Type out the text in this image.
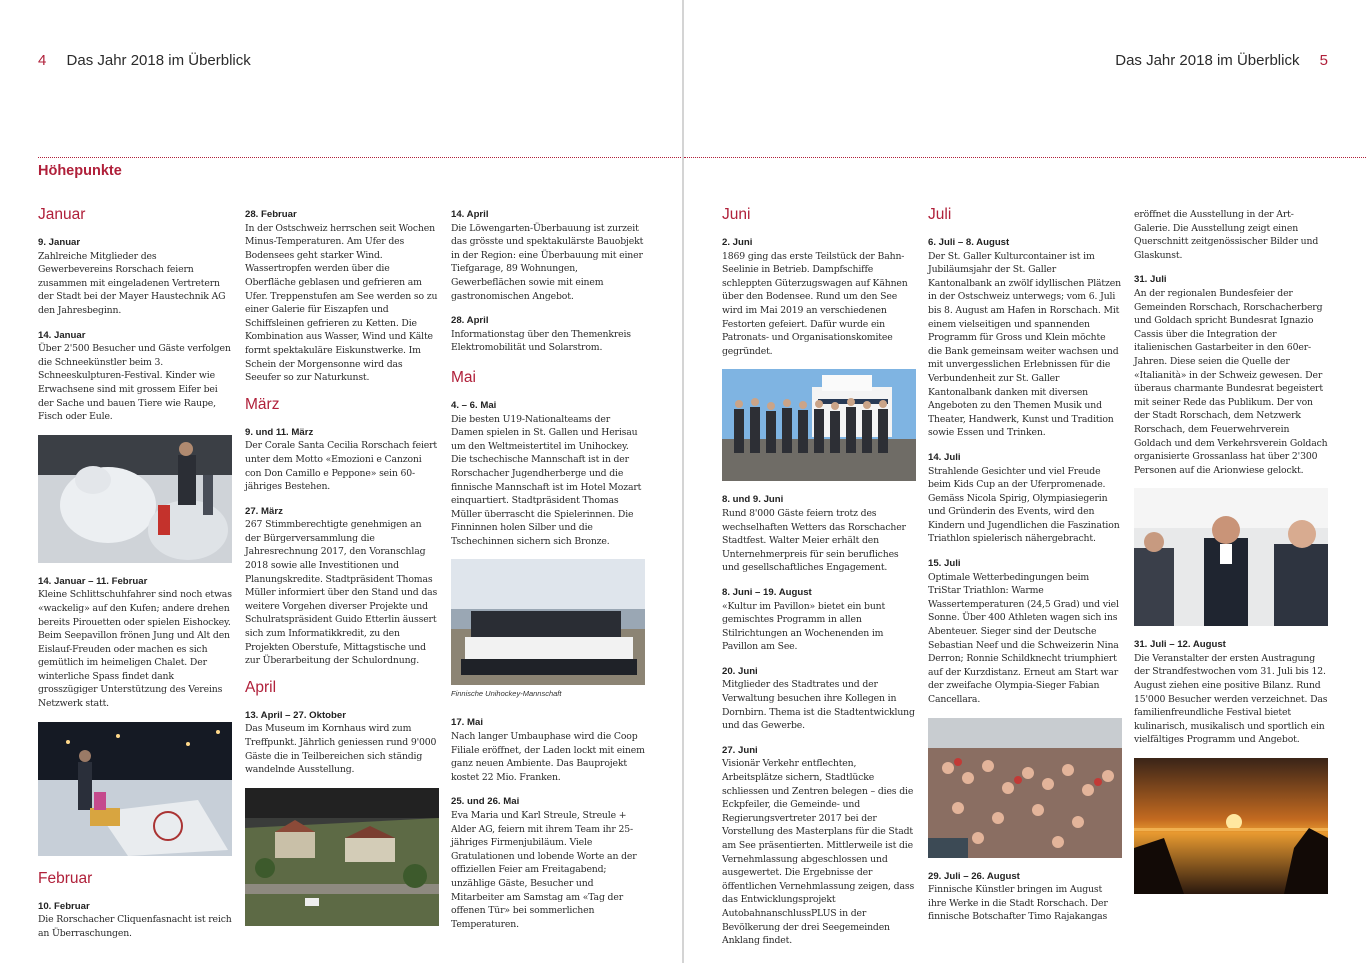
4 Das Jahr 2018 im Überblick
Höhepunkte
Januar
9. Januar
Zahlreiche Mitglieder des Gewerbevereins Rorschach feiern zusammen mit eingeladenen Vertretern der Stadt bei der Mayer Haustechnik AG den Jahresbeginn.
14. Januar
Über 2'500 Besucher und Gäste verfolgen die Schneekünstler beim 3. Schneeskulpturen-Festival. Kinder wie Erwachsene sind mit grossem Eifer bei der Sache und bauen Tiere wie Raupe, Fisch oder Eule.
14. Januar – 11. Februar
Kleine Schlittschuhfahrer sind noch etwas «wackelig» auf den Kufen; andere drehen bereits Pirouetten oder spielen Eishockey. Beim Seepavillon frönen Jung und Alt den Eislauf-Freuden oder machen es sich gemütlich im heimeligen Chalet. Der winterliche Spass findet dank grosszügiger Unterstützung des Vereins Netzwerk statt.
Februar
10. Februar
Die Rorschacher Cliquenfasnacht ist reich an Überraschungen.
28. Februar
In der Ostschweiz herrschen seit Wochen Minus-Temperaturen. Am Ufer des Bodensees geht starker Wind. Wassertropfen werden über die Oberfläche geblasen und gefrieren am Ufer. Treppenstufen am See werden so zu einer Galerie für Eiszapfen und Schiffsleinen gefrieren zu Ketten. Die Kombination aus Wasser, Wind und Kälte formt spektakuläre Eiskunstwerke. Im Schein der Morgensonne wird das Seeufer so zur Naturkunst.
März
9. und 11. März
Der Corale Santa Cecilia Rorschach feiert unter dem Motto «Emozioni e Canzoni con Don Camillo e Peppone» sein 60-jähriges Bestehen.
27. März
267 Stimmberechtigte genehmigen an der Bürgerversammlung die Jahresrechnung 2017, den Voranschlag 2018 sowie alle Investitionen und Planungskredite. Stadtpräsident Thomas Müller informiert über den Stand und das weitere Vorgehen diverser Projekte und Schulratspräsident Guido Etterlin äussert sich zum Informatikkredit, zu den Projekten Oberstufe, Mittagstische und zur Überarbeitung der Schulordnung.
April
13. April – 27. Oktober
Das Museum im Kornhaus wird zum Treffpunkt. Jährlich geniessen rund 9'000 Gäste die in Teilbereichen sich ständig wandelnde Ausstellung.
14. April
Die Löwengarten-Überbauung ist zurzeit das grösste und spektakulärste Bauobjekt in der Region: eine Überbauung mit einer Tiefgarage, 89 Wohnungen, Gewerbeflächen sowie mit einem gastronomischen Angebot.
28. April
Informationstag über den Themenkreis Elektromobilität und Solarstrom.
Mai
4. – 6. Mai
Die besten U19-Nationalteams der Damen spielen in St. Gallen und Herisau um den Weltmeistertitel im Unihockey. Die tschechische Mannschaft ist in der Rorschacher Jugendherberge und die finnische Mannschaft ist im Hotel Mozart einquartiert. Stadtpräsident Thomas Müller überrascht die Spielerinnen. Die Finninnen holen Silber und die Tschechinnen sichern sich Bronze.
Finnische Unihockey-Mannschaft
17. Mai
Nach langer Umbauphase wird die Coop Filiale eröffnet, der Laden lockt mit einem ganz neuen Ambiente. Das Bauprojekt kostet 22 Mio. Franken.
25. und 26. Mai
Eva Maria und Karl Streule, Streule + Alder AG, feiern mit ihrem Team ihr 25-jähriges Firmenjubiläum. Viele Gratulationen und lobende Worte an der offiziellen Feier am Freitagabend; unzählige Gäste, Besucher und Mitarbeiter am Samstag am «Tag der offenen Tür» bei sommerlichen Temperaturen.
Das Jahr 2018 im Überblick 5
Juni
2. Juni
1869 ging das erste Teilstück der Bahn-Seelinie in Betrieb. Dampfschiffe schleppten Güterzugswagen auf Kähnen über den Bodensee. Rund um den See wird im Mai 2019 an verschiedenen Festorten gefeiert. Dafür wurde ein Patronats- und Organisationskomitee gegründet.
8. und 9. Juni
Rund 8'000 Gäste feiern trotz des wechselhaften Wetters das Rorschacher Stadtfest. Walter Meier erhält den Unternehmerpreis für sein berufliches und gesellschaftliches Engagement.
8. Juni – 19. August
«Kultur im Pavillon» bietet ein bunt gemischtes Programm in allen Stilrichtungen an Wochenenden im Pavillon am See.
20. Juni
Mitglieder des Stadtrates und der Verwaltung besuchen ihre Kollegen in Dornbirn. Thema ist die Stadtentwicklung und das Gewerbe.
27. Juni
Visionär Verkehr entflechten, Arbeitsplätze sichern, Stadtlücke schliessen und Zentren belegen – dies die Eckpfeiler, die Gemeinde- und Regierungsvertreter 2017 bei der Vorstellung des Masterplans für die Stadt am See präsentierten. Mittlerweile ist die Vernehmlassung abgeschlossen und ausgewertet. Die Ergebnisse der öffentlichen Vernehmlassung zeigen, dass das Entwicklungsprojekt AutobahnanschlussPLUS in der Bevölkerung der drei Seegemeinden Anklang findet.
Juli
6. Juli – 8. August
Der St. Galler Kulturcontainer ist im Jubiläumsjahr der St. Galler Kantonalbank an zwölf idyllischen Plätzen in der Ostschweiz unterwegs; vom 6. Juli bis 8. August am Hafen in Rorschach. Mit einem vielseitigen und spannenden Programm für Gross und Klein möchte die Bank gemeinsam weiter wachsen und mit unvergesslichen Erlebnissen für die Verbundenheit zur St. Galler Kantonalbank danken mit diversen Angeboten zu den Themen Musik und Theater, Handwerk, Kunst und Tradition sowie Essen und Trinken.
14. Juli
Strahlende Gesichter und viel Freude beim Kids Cup an der Uferpromenade. Gemäss Nicola Spirig, Olympiasiegerin und Gründerin des Events, wird den Kindern und Jugendlichen die Faszination Triathlon spielerisch nähergebracht.
15. Juli
Optimale Wetterbedingungen beim TriStar Triathlon: Warme Wassertemperaturen (24,5 Grad) und viel Sonne. Über 400 Athleten wagen sich ins Abenteuer. Sieger sind der Deutsche Sebastian Neef und die Schweizerin Nina Derron; Ronnie Schildknecht triumphiert auf der Kurzdistanz. Erneut am Start war der zweifache Olympia-Sieger Fabian Cancellara.
29. Juli – 26. August
Finnische Künstler bringen im August ihre Werke in die Stadt Rorschach. Der finnische Botschafter Timo Rajakangas
eröffnet die Ausstellung in der Art-Galerie. Die Ausstellung zeigt einen Querschnitt zeitgenössischer Bilder und Glaskunst.
31. Juli
An der regionalen Bundesfeier der Gemeinden Rorschach, Rorschacherberg und Goldach spricht Bundesrat Ignazio Cassis über die Integration der italienischen Gastarbeiter in den 60er-Jahren. Diese seien die Quelle der «Italianità» in der Schweiz gewesen. Der überaus charmante Bundesrat begeistert mit seiner Rede das Publikum. Der von der Stadt Rorschach, dem Netzwerk Rorschach, dem Feuerwehrverein Goldach und dem Verkehrsverein Goldach organisierte Grossanlass hat über 2'300 Personen auf die Arionwiese gelockt.
31. Juli – 12. August
Die Veranstalter der ersten Austragung der Strandfestwochen vom 31. Juli bis 12. August ziehen eine positive Bilanz. Rund 15'000 Besucher werden verzeichnet. Das familienfreundliche Festival bietet kulinarisch, musikalisch und sportlich ein vielfältiges Programm und Angebot.
